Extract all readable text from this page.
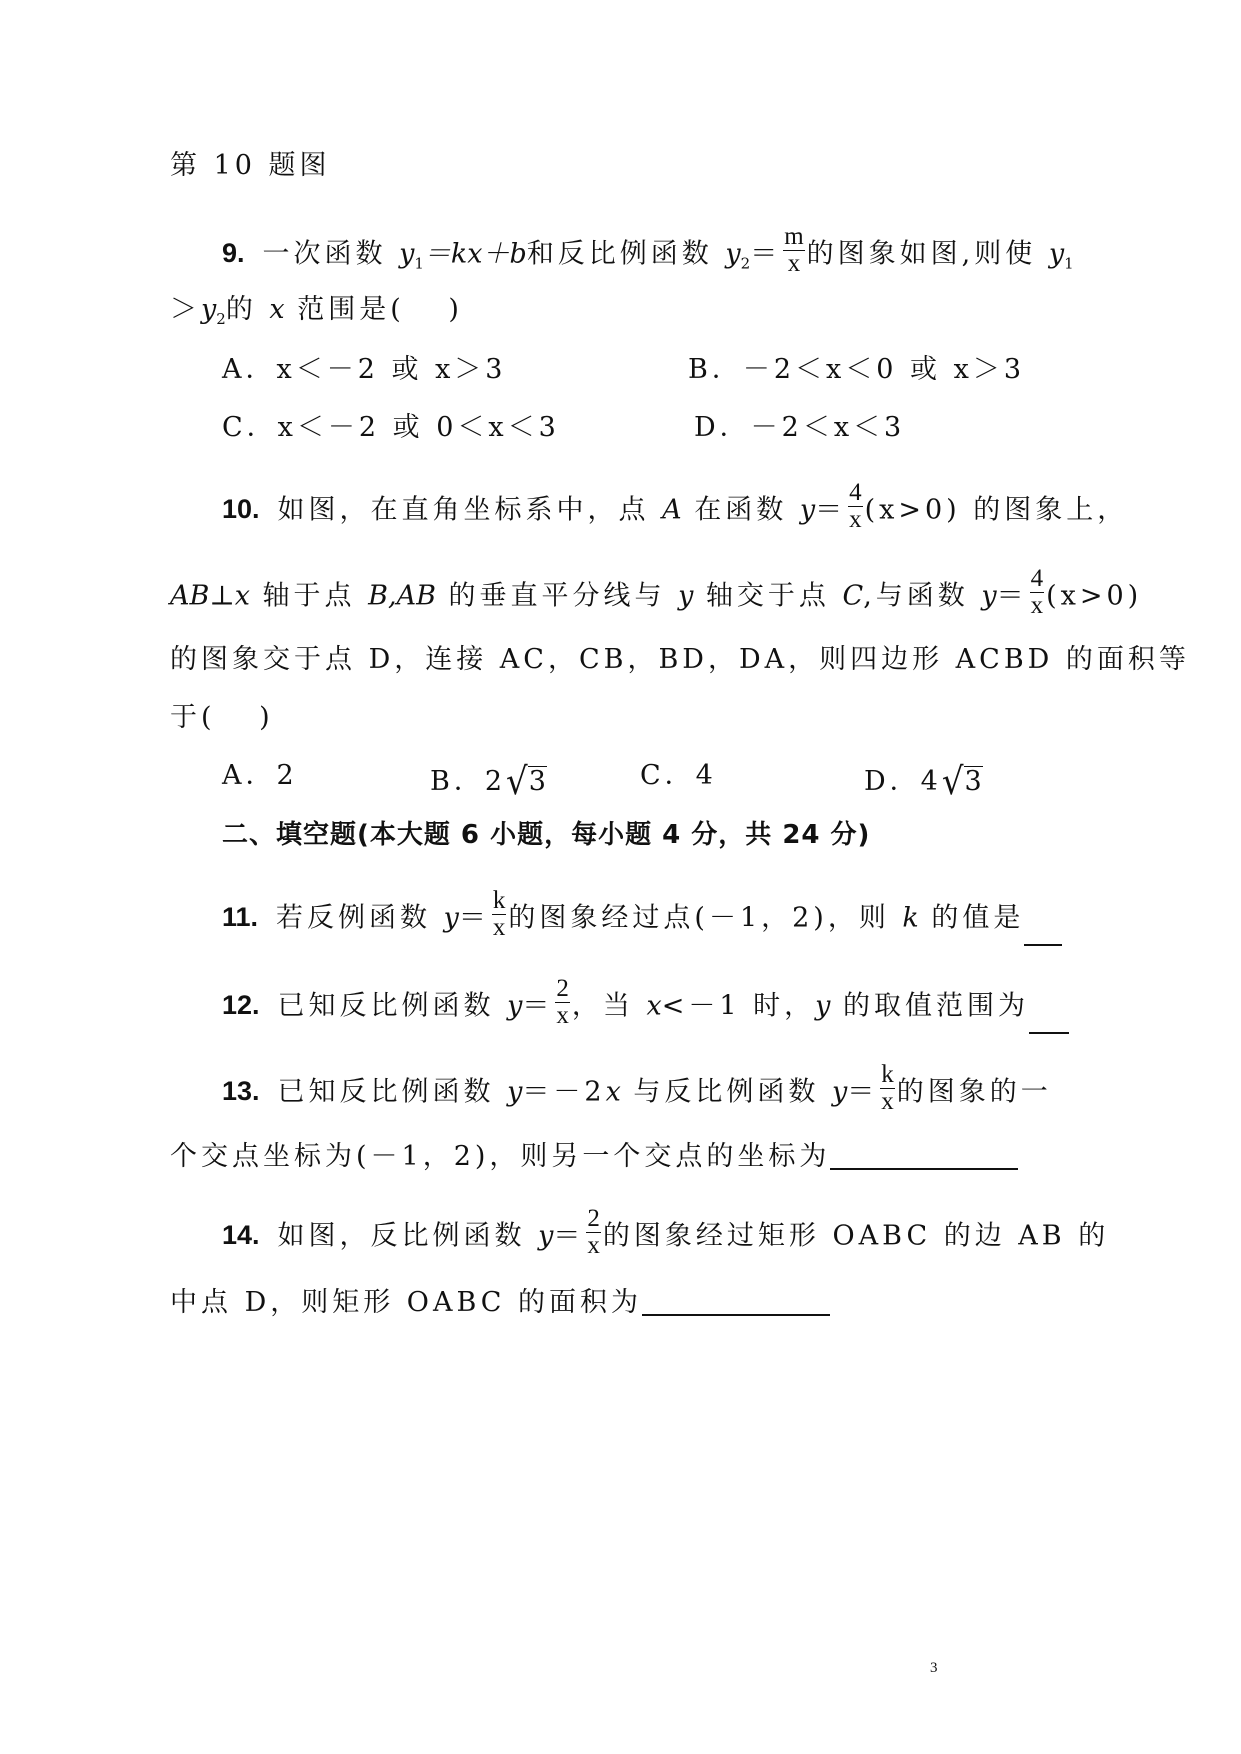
第 10 题图
9. 一次函数 $y_1=kx+b$和反比例函数 $y_2= \frac{m}{x}$ 的图象如图,则使 $y_1$
$>y_2$的 x 范围是(　 )
A．x＜－2 或 x＞3	B．－2＜x＜0 或 x＞3
C．x＜－2 或 0＜x＜3	D．－2＜x＜3
10. 如图，在直角坐标系中，点 A 在函数 $y= \frac{4}{x} (x>0)$ 的图象上，
AB⊥x 轴于点 B,AB 的垂直平分线与 y 轴交于点 C,与函数 $y= \frac{4}{x} (x>0)$
的图象交于点 D，连接 AC，CB，BD，DA，则四边形 ACBD 的面积等
于(　 )
A．2	B．2√3	C．4	D．4√3
二、填空题(本大题 6 小题，每小题 4 分，共 24 分)
11. 若反例函数 $y= \frac{k}{x}$ 的图象经过点(－1，2)，则 k 的值是
12. 已知反比例函数 $y= \frac{2}{x}$ ，当 x<－1 时，y 的取值范围为
13. 已知反比例函数 y＝－2x 与反比例函数 $y= \frac{k}{x}$ 的图象的一
个交点坐标为(－1，2)，则另一个交点的坐标为
14. 如图，反比例函数 $y= \frac{2}{x}$ 的图象经过矩形 OABC 的边 AB 的
中点 D，则矩形 OABC 的面积为
3
